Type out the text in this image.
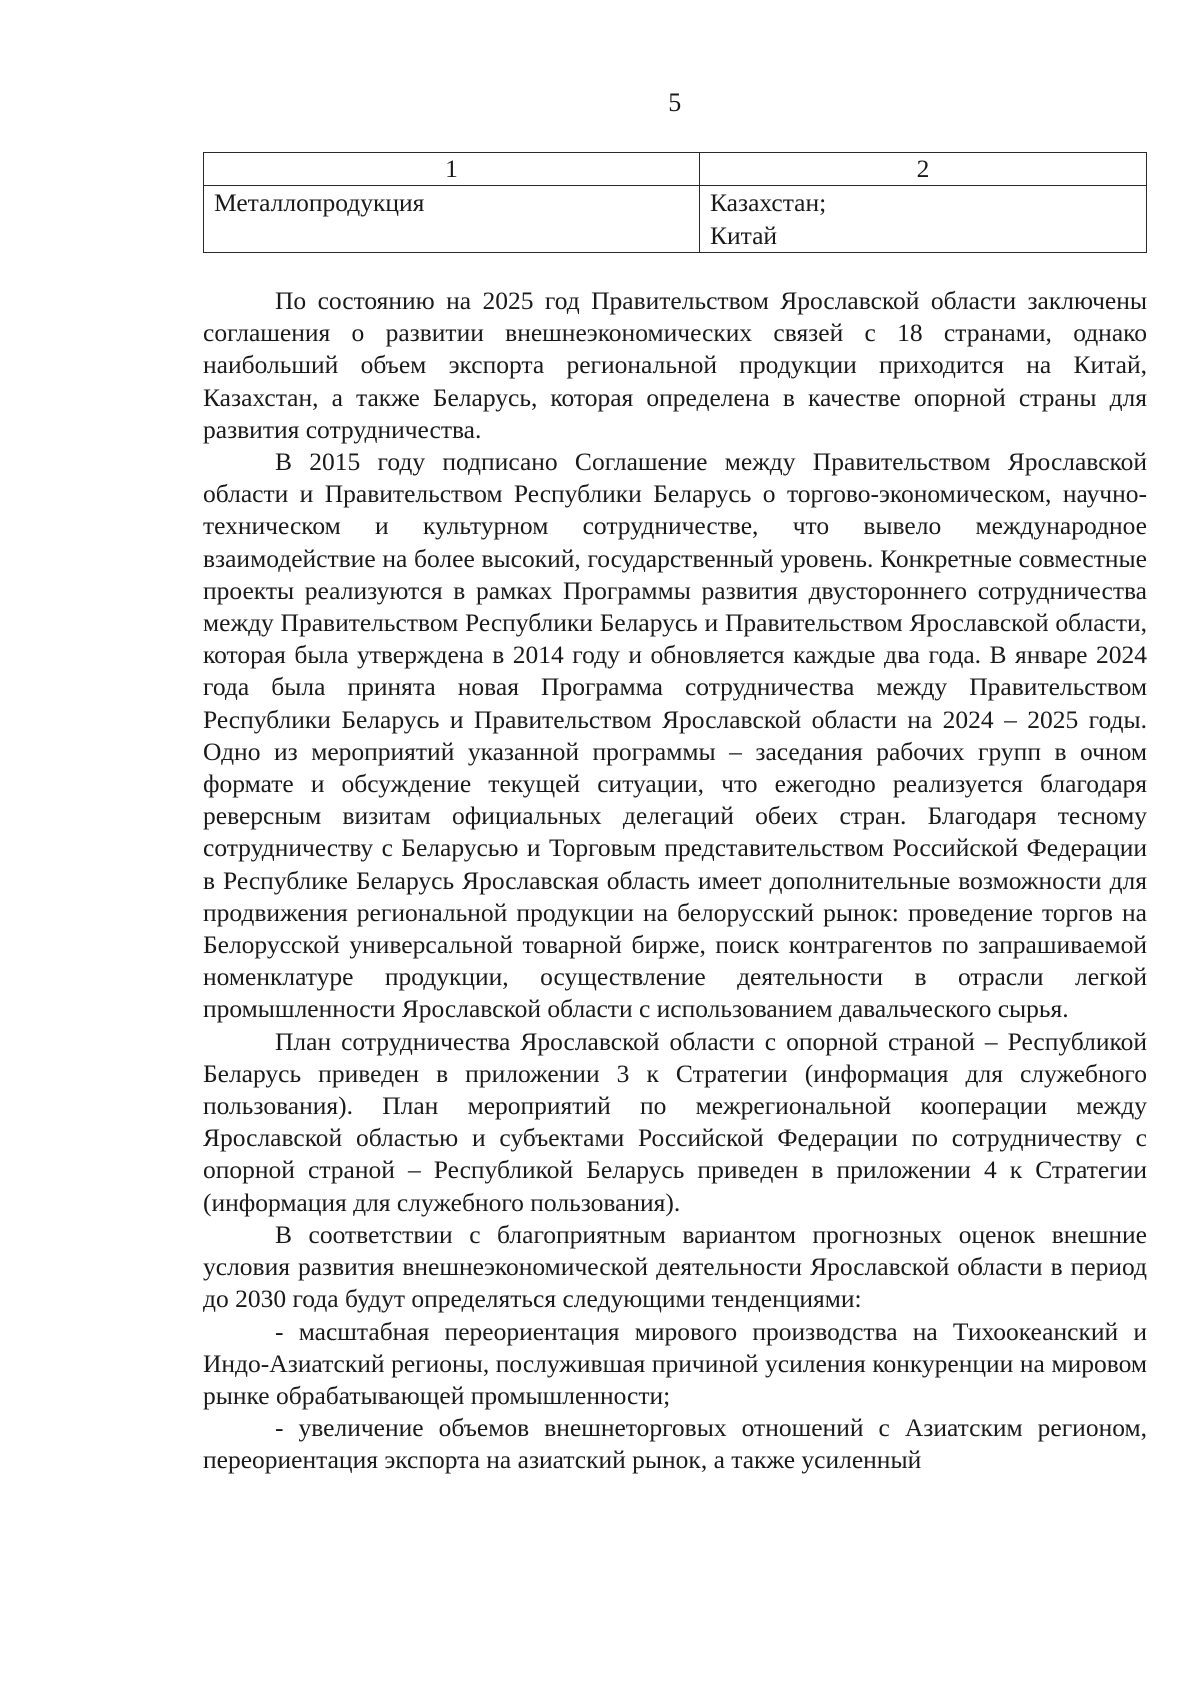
5
1	2
Металлопродукция	Казахстан;
Китай

По состоянию на 2025 год Правительством Ярославской области заключены соглашения о развитии внешнеэкономических связей с 18 странами, однако наибольший объем экспорта региональной продукции приходится на Китай, Казахстан, а также Беларусь, которая определена в качестве опорной страны для развития сотрудничества.

В 2015 году подписано Соглашение между Правительством Ярославской области и Правительством Республики Беларусь о торгово-экономическом, научно-техническом и культурном сотрудничестве, что вывело международное взаимодействие на более высокий, государственный уровень. Конкретные совместные проекты реализуются в рамках Программы развития двустороннего сотрудничества между Правительством Республики Беларусь и Правительством Ярославской области, которая была утверждена в 2014 году и обновляется каждые два года. В январе 2024 года была принята новая Программа сотрудничества между Правительством Республики Беларусь и Правительством Ярославской области на 2024 – 2025 годы. Одно из мероприятий указанной программы – заседания рабочих групп в очном формате и обсуждение текущей ситуации, что ежегодно реализуется благодаря реверсным визитам официальных делегаций обеих стран. Благодаря тесному сотрудничеству с Беларусью и Торговым представительством Российской Федерации в Республике Беларусь Ярославская область имеет дополнительные возможности для продвижения региональной продукции на белорусский рынок: проведение торгов на Белорусской универсальной товарной бирже, поиск контрагентов по запрашиваемой номенклатуре продукции, осуществление деятельности в отрасли легкой промышленности Ярославской области с использованием давальческого сырья.

План сотрудничества Ярославской области с опорной страной – Республикой Беларусь приведен в приложении 3 к Стратегии (информация для служебного пользования). План мероприятий по межрегиональной кооперации между Ярославской областью и субъектами Российской Федерации по сотрудничеству с опорной страной – Республикой Беларусь приведен в приложении 4 к Стратегии (информация для служебного пользования).

В соответствии с благоприятным вариантом прогнозных оценок внешние условия развития внешнеэкономической деятельности Ярославской области в период до 2030 года будут определяться следующими тенденциями:

- масштабная переориентация мирового производства на Тихоокеанский и Индо-Азиатский регионы, послужившая причиной усиления конкуренции на мировом рынке обрабатывающей промышленности;

- увеличение объемов внешнеторговых отношений с Азиатским регионом, переориентация экспорта на азиатский рынок, а также усиленный
